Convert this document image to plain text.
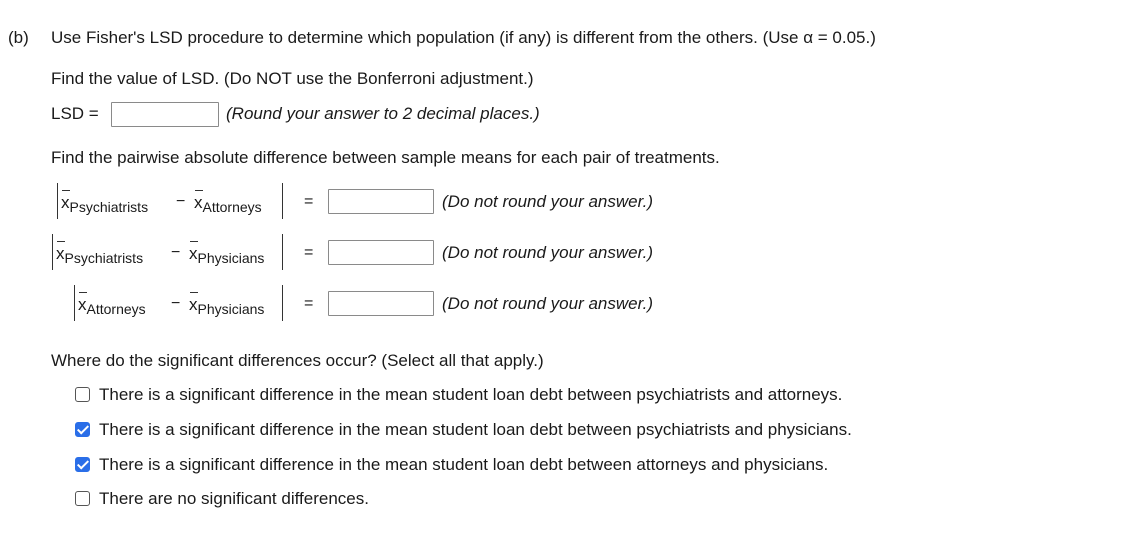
(b) Use Fisher's LSD procedure to determine which population (if any) is different from the others. (Use α = 0.05.)
Find the value of LSD. (Do NOT use the Bonferroni adjustment.)
LSD =	(Round your answer to 2 decimal places.)
Find the pairwise absolute difference between sample means for each pair of treatments.
$x_{Psychiatrists} - x_{Attorneys}$	=	(Do not round your answer.)
$x_{Psychiatrists} - x_{Physicians}$ =	(Do not round your answer.)
$x_{Attorneys} - x_{Physicians}$ =	(Do not round your answer.)
Where do the significant differences occur? (Select all that apply.)
There is a significant difference in the mean student loan debt between psychiatrists and attorneys.
There is a significant difference in the mean student loan debt between psychiatrists and physicians.
There is a significant difference in the mean student loan debt between attorneys and physicians.
There are no significant differences.
